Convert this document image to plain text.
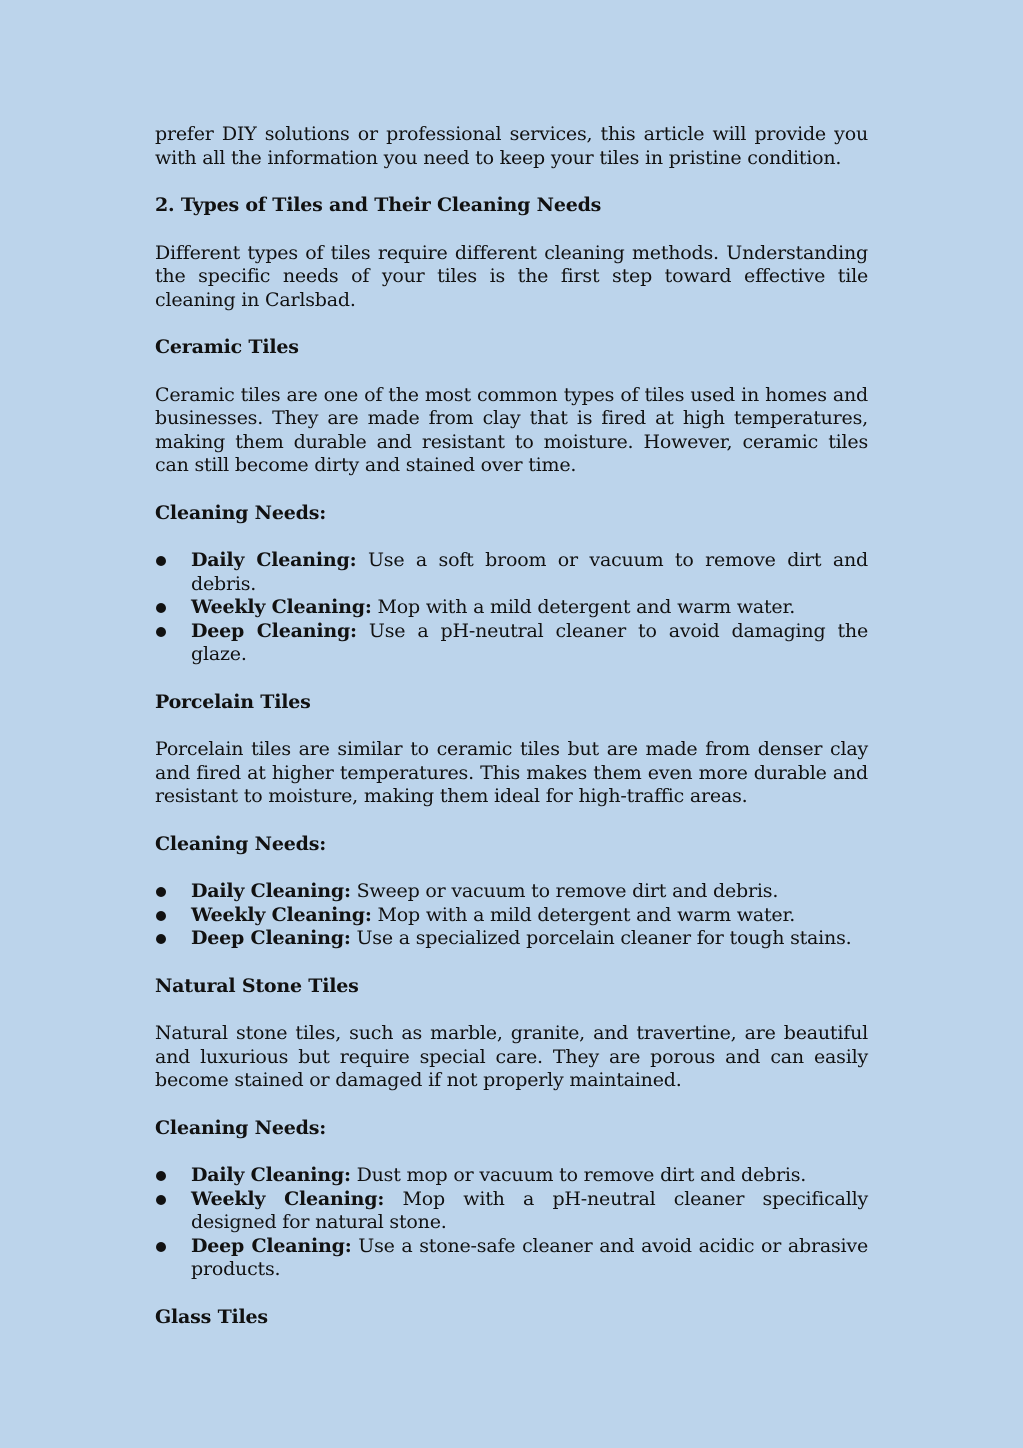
prefer DIY solutions or professional services, this article will provide you with all the information you need to keep your tiles in pristine condition.

2. Types of Tiles and Their Cleaning Needs

Different types of tiles require different cleaning methods. Understanding the specific needs of your tiles is the first step toward effective tile cleaning in Carlsbad.

Ceramic Tiles

Ceramic tiles are one of the most common types of tiles used in homes and businesses. They are made from clay that is fired at high temperatures, making them durable and resistant to moisture. However, ceramic tiles can still become dirty and stained over time.

Cleaning Needs:
Daily Cleaning: Use a soft broom or vacuum to remove dirt and debris.
Weekly Cleaning: Mop with a mild detergent and warm water.
Deep Cleaning: Use a pH-neutral cleaner to avoid damaging the glaze.
Porcelain Tiles

Porcelain tiles are similar to ceramic tiles but are made from denser clay and fired at higher temperatures. This makes them even more durable and resistant to moisture, making them ideal for high-traffic areas.

Cleaning Needs:
Daily Cleaning: Sweep or vacuum to remove dirt and debris.
Weekly Cleaning: Mop with a mild detergent and warm water.
Deep Cleaning: Use a specialized porcelain cleaner for tough stains.
Natural Stone Tiles

Natural stone tiles, such as marble, granite, and travertine, are beautiful and luxurious but require special care. They are porous and can easily become stained or damaged if not properly maintained.

Cleaning Needs:
Daily Cleaning: Dust mop or vacuum to remove dirt and debris.
Weekly Cleaning: Mop with a pH-neutral cleaner specifically designed for natural stone.
Deep Cleaning: Use a stone-safe cleaner and avoid acidic or abrasive products.
Glass Tiles
